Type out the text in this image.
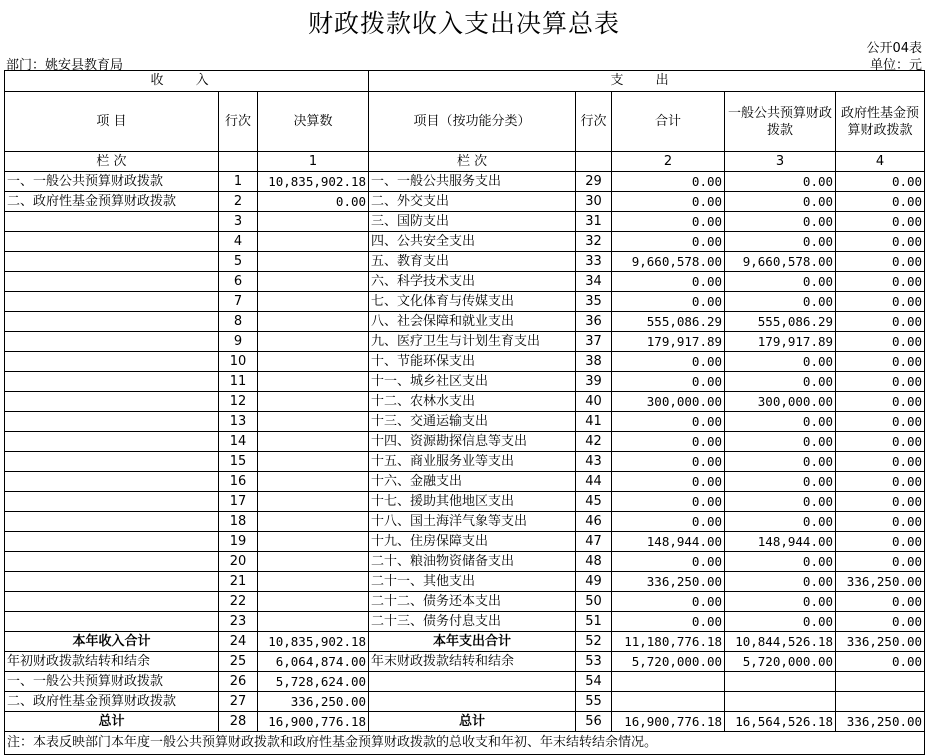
财政拨款收入支出决算总表
公开04表
部门：姚安县教育局	单位：元
收 入			支 出				
项 目	行次	决算数	项目（按功能分类）	行次	合计	一般公共预算财政拨款	政府性基金预算财政拨款
栏 次		1	栏 次		2	3	4
一、一般公共预算财政拨款	1	10,835,902.18	一、一般公共服务支出	29	0.00	0.00	0.00
二、政府性基金预算财政拨款	2	0.00	二、外交支出	30	0.00	0.00	0.00
	3		三、国防支出	31	0.00	0.00	0.00
	4		四、公共安全支出	32	0.00	0.00	0.00
	5		五、教育支出	33	9,660,578.00	9,660,578.00	0.00
	6		六、科学技术支出	34	0.00	0.00	0.00
	7		七、文化体育与传媒支出	35	0.00	0.00	0.00
	8		八、社会保障和就业支出	36	555,086.29	555,086.29	0.00
	9		九、医疗卫生与计划生育支出	37	179,917.89	179,917.89	0.00
	10		十、节能环保支出	38	0.00	0.00	0.00
	11		十一、城乡社区支出	39	0.00	0.00	0.00
	12		十二、农林水支出	40	300,000.00	300,000.00	0.00
	13		十三、交通运输支出	41	0.00	0.00	0.00
	14		十四、资源勘探信息等支出	42	0.00	0.00	0.00
	15		十五、商业服务业等支出	43	0.00	0.00	0.00
	16		十六、金融支出	44	0.00	0.00	0.00
	17		十七、援助其他地区支出	45	0.00	0.00	0.00
	18		十八、国土海洋气象等支出	46	0.00	0.00	0.00
	19		十九、住房保障支出	47	148,944.00	148,944.00	0.00
	20		二十、粮油物资储备支出	48	0.00	0.00	0.00
	21		二十一、其他支出	49	336,250.00	0.00	336,250.00
	22		二十二、债务还本支出	50	0.00	0.00	0.00
	23		二十三、债务付息支出	51	0.00	0.00	0.00
本年收入合计	24	10,835,902.18	本年支出合计	52	11,180,776.18	10,844,526.18	336,250.00
年初财政拨款结转和结余	25	6,064,874.00	年末财政拨款结转和结余	53	5,720,000.00	5,720,000.00	0.00
一、一般公共预算财政拨款	26	5,728,624.00		54			
二、政府性基金预算财政拨款	27	336,250.00		55			
总计	28	16,900,776.18	总计	56	16,900,776.18	16,564,526.18	336,250.00
注：本表反映部门本年度一般公共预算财政拨款和政府性基金预算财政拨款的总收支和年初、年末结转结余情况。							
